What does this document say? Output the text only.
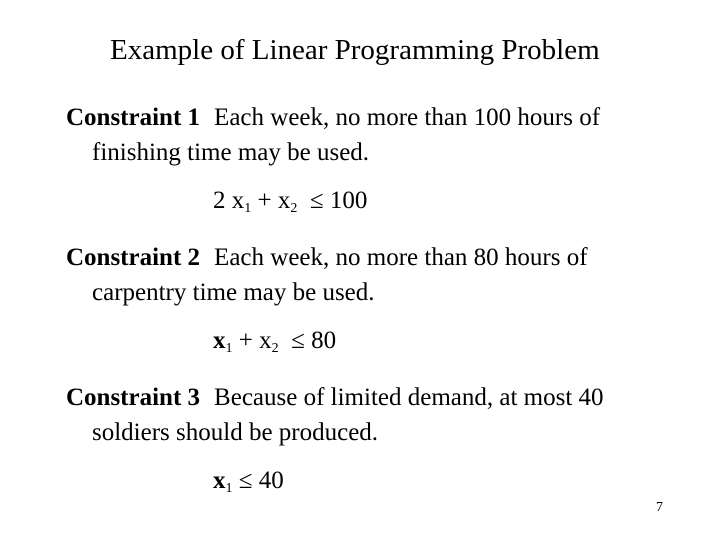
Example of Linear Programming Problem
Constraint 1 Each week, no more than 100 hours of
finishing time may be used.
2 $x_1 + x_2 \le 100$
Constraint 2 Each week, no more than 80 hours of
carpentry time may be used.
$x_1 + x_2 \le 80$
Constraint 3 Because of limited demand, at most 40
soldiers should be produced.
$x_1 \le 40$
7
